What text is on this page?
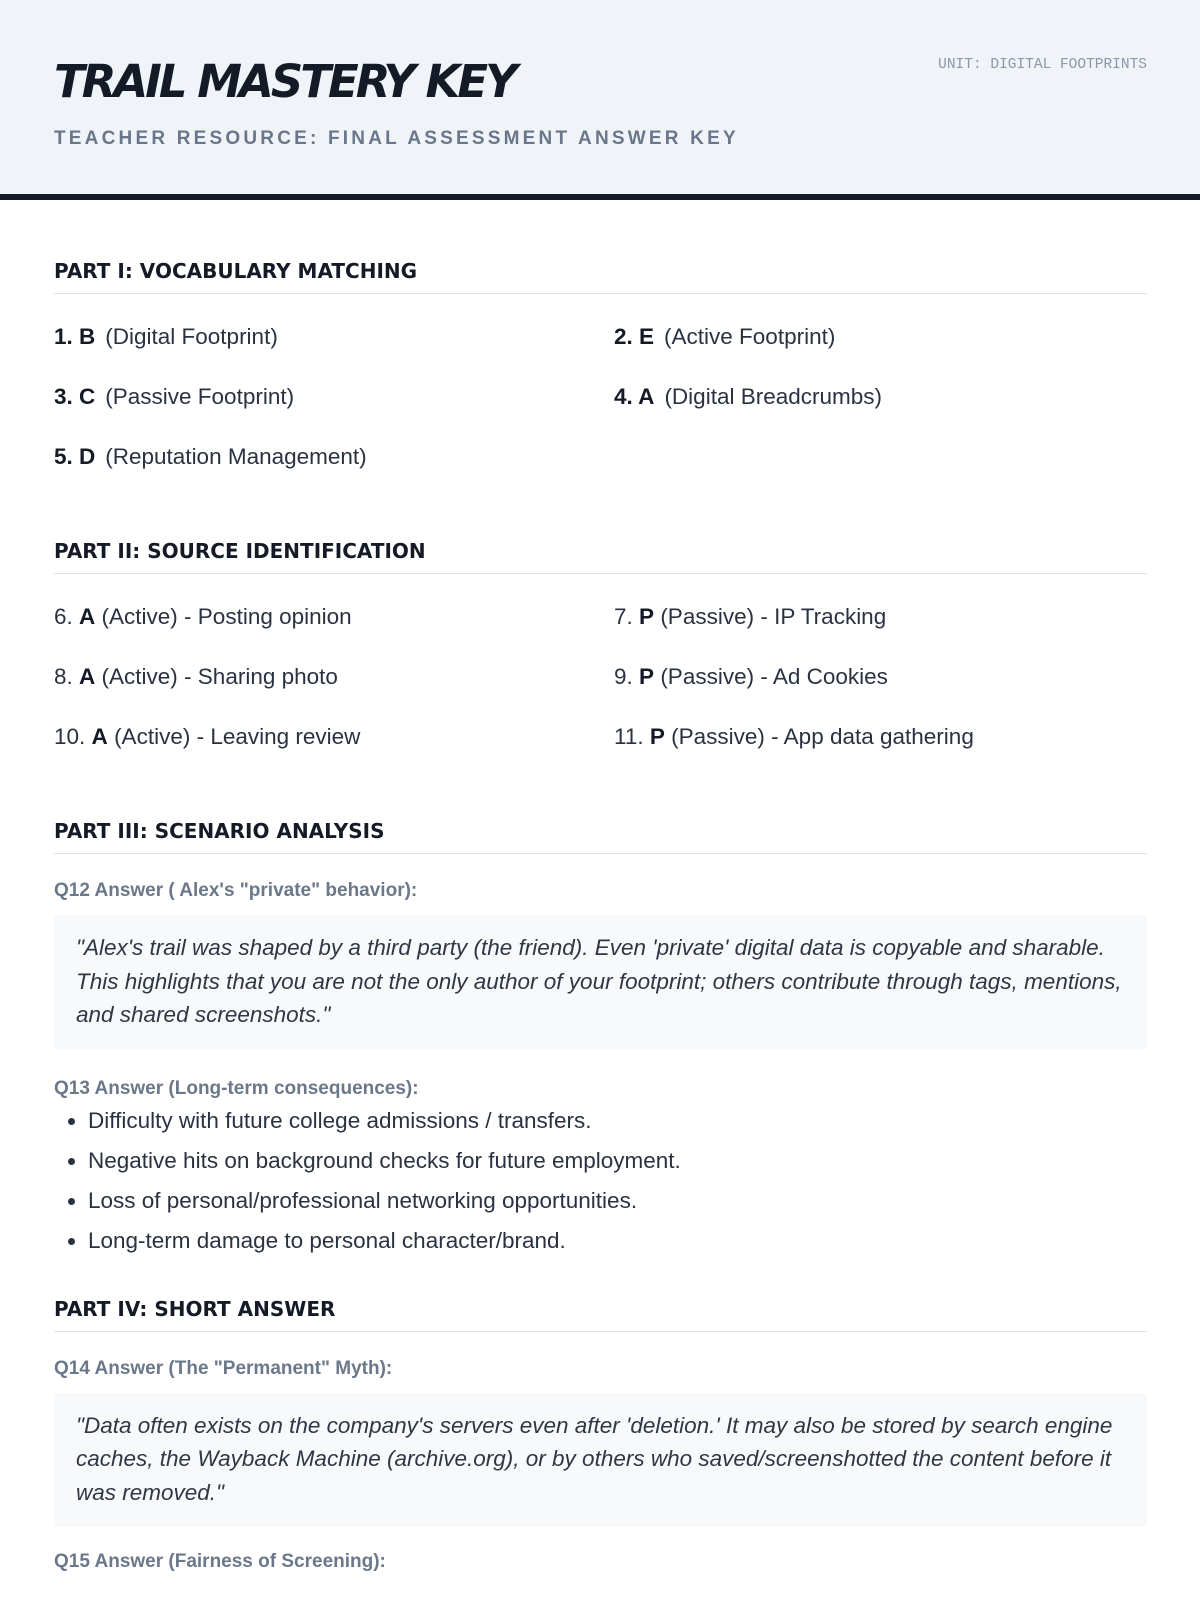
TRAIL MASTERY KEY
TEACHER RESOURCE: FINAL ASSESSMENT ANSWER KEY
UNIT: DIGITAL FOOTPRINTS
PART I: VOCABULARY MATCHING
1. B (Digital Footprint)	2. E (Active Footprint)
3. C (Passive Footprint)	4. A (Digital Breadcrumbs)
5. D (Reputation Management)
PART II: SOURCE IDENTIFICATION
6. A (Active) - Posting opinion	7. P (Passive) - IP Tracking
8. A (Active) - Sharing photo	9. P (Passive) - Ad Cookies
10. A (Active) - Leaving review	11. P (Passive) - App data gathering
PART III: SCENARIO ANALYSIS
Q12 Answer ( Alex's "private" behavior):
"Alex's trail was shaped by a third party (the friend). Even 'private' digital data is copyable and sharable. This highlights that you are not the only author of your footprint; others contribute through tags, mentions, and shared screenshots."
Q13 Answer (Long-term consequences):
• Difficulty with future college admissions / transfers.
• Negative hits on background checks for future employment.
• Loss of personal/professional networking opportunities.
• Long-term damage to personal character/brand.
PART IV: SHORT ANSWER
Q14 Answer (The "Permanent" Myth):
"Data often exists on the company's servers even after 'deletion.' It may also be stored by search engine caches, the Wayback Machine (archive.org), or by others who saved/screenshotted the content before it was removed."
Q15 Answer (Fairness of Screening):
